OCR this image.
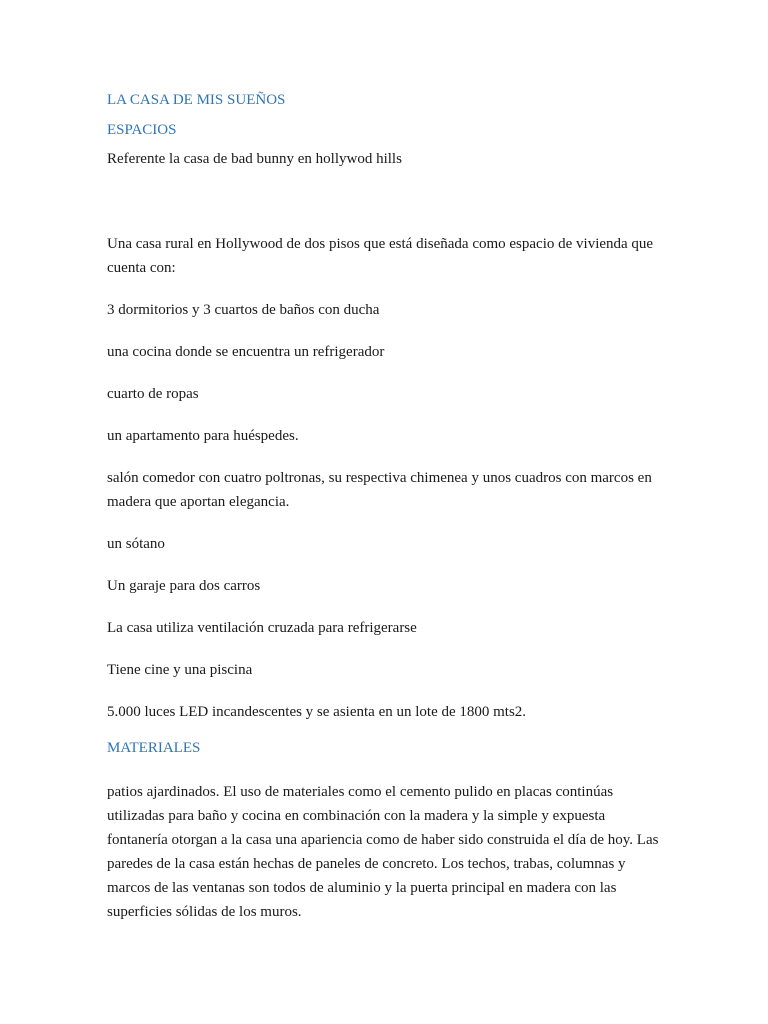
LA CASA DE MIS SUEÑOS

ESPACIOS

Referente la casa de bad bunny en hollywod hills

Una casa rural en Hollywood de dos pisos que está diseñada como espacio de vivienda que cuenta con:

3 dormitorios y 3 cuartos de baños con ducha

una cocina donde se encuentra un refrigerador

cuarto de ropas

un apartamento para huéspedes.

salón comedor con cuatro poltronas, su respectiva chimenea y unos cuadros con marcos en madera que aportan elegancia.

un sótano

Un garaje para dos carros

La casa utiliza ventilación cruzada para refrigerarse

Tiene cine y una piscina

5.000 luces LED incandescentes y se asienta en un lote de 1800 mts2.

MATERIALES

patios ajardinados. El uso de materiales como el cemento pulido en placas continúas utilizadas para baño y cocina en combinación con la madera y la simple y expuesta fontanería otorgan a la casa una apariencia como de haber sido construida el día de hoy. Las paredes de la casa están hechas de paneles de concreto. Los techos, trabas, columnas y marcos de las ventanas son todos de aluminio y la puerta principal en madera con las superficies sólidas de los muros.
